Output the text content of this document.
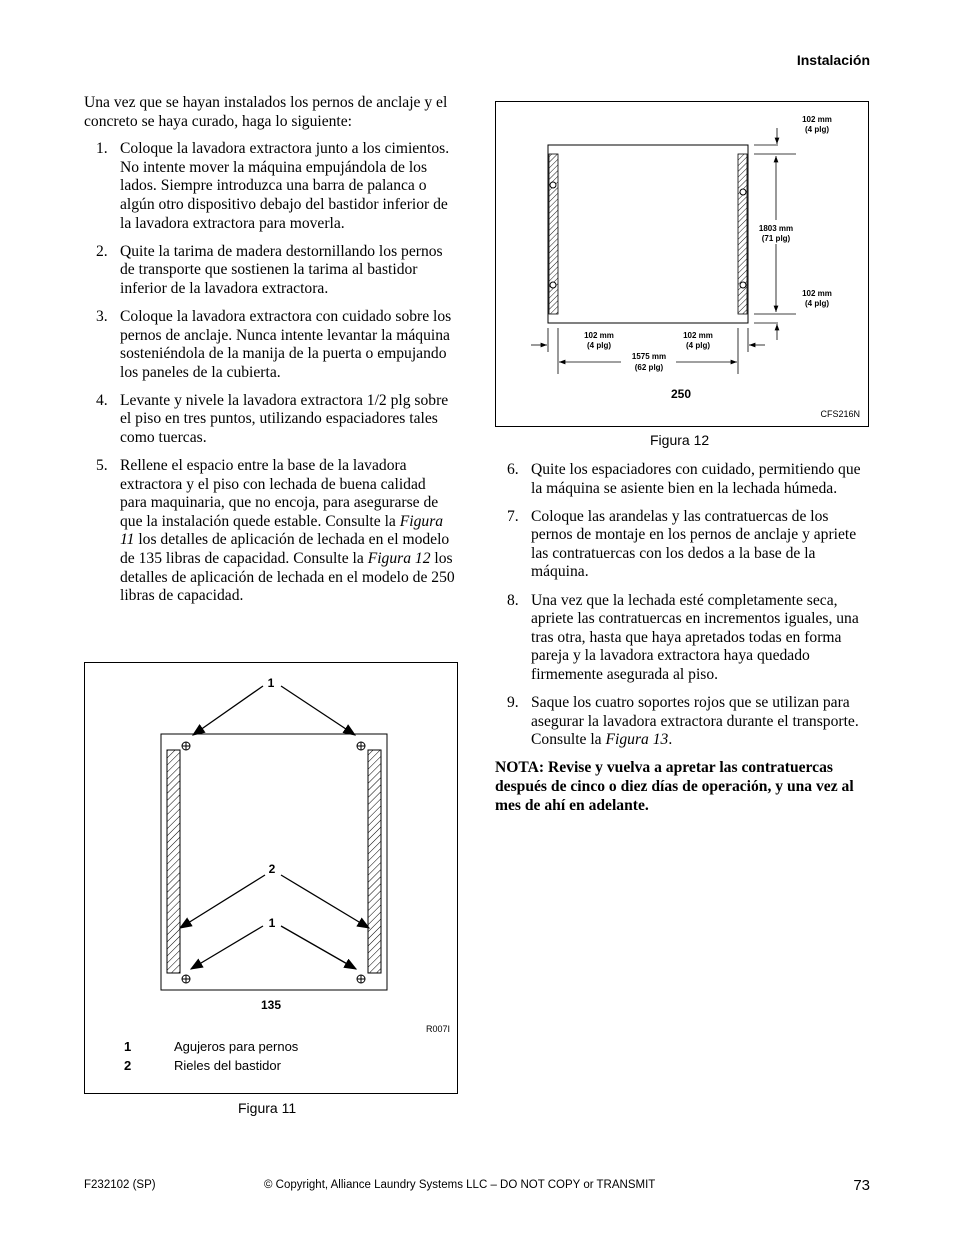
Instalación

Una vez que se hayan instalados los pernos de anclaje y el concreto se haya curado, haga lo siguiente:

1. Coloque la lavadora extractora junto a los cimientos. No intente mover la máquina empujándola de los lados. Siempre introduzca una barra de palanca o algún otro dispositivo debajo del bastidor inferior de la lavadora extractora para moverla.
2. Quite la tarima de madera destornillando los pernos de transporte que sostienen la tarima al bastidor inferior de la lavadora extractora.
3. Coloque la lavadora extractora con cuidado sobre los pernos de anclaje. Nunca intente levantar la máquina sosteniéndola de la manija de la puerta o empujando los paneles de la cubierta.
4. Levante y nivele la lavadora extractora 1/2 plg sobre el piso en tres puntos, utilizando espaciadores tales como tuercas.
5. Rellene el espacio entre la base de la lavadora extractora y el piso con lechada de buena calidad para maquinaria, que no encoja, para asegurarse de que la instalación quede estable. Consulte la Figura 11 los detalles de aplicación de lechada en el modelo de 135 libras de capacidad. Consulte la Figura 12 los detalles de aplicación de lechada en el modelo de 250 libras de capacidad.
1
2
1
135
R007I
1	Agujeros para pernos
2	Rieles del bastidor
Figura 11
102 mm
(4 plg)
1803 mm
(71 plg)
102 mm
(4 plg)
102 mm
(4 plg)
102 mm
(4 plg)
1575 mm
(62 plg)
250
CFS216N
Figura 12
6. Quite los espaciadores con cuidado, permitiendo que la máquina se asiente bien en la lechada húmeda.
7. Coloque las arandelas y las contratuercas de los pernos de montaje en los pernos de anclaje y apriete las contratuercas con los dedos a la base de la máquina.
8. Una vez que la lechada esté completamente seca, apriete las contratuercas en incrementos iguales, una tras otra, hasta que haya apretados todas en forma pareja y la lavadora extractora haya quedado firmemente asegurada al piso.
9. Saque los cuatro soportes rojos que se utilizan para asegurar la lavadora extractora durante el transporte. Consulte la Figura 13.

NOTA: Revise y vuelva a apretar las contratuercas después de cinco o diez días de operación, y una vez al mes de ahí en adelante.

F232102 (SP)	© Copyright, Alliance Laundry Systems LLC – DO NOT COPY or TRANSMIT	73
